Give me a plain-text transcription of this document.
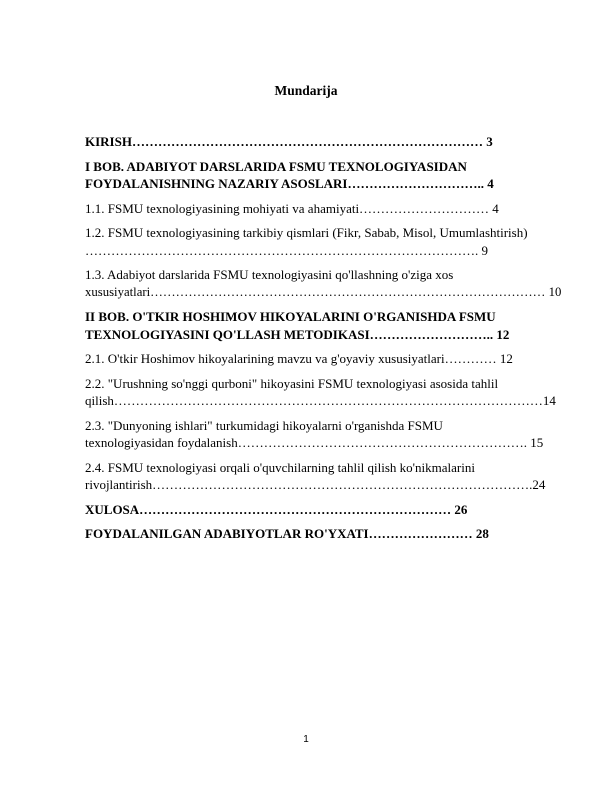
Mundarija
KIRISH……………………………………………………………………… 3
I BOB. ADABIYOT DARSLARIDA FSMU TEXNOLOGIYASIDAN
FOYDALANISHNING NAZARIY ASOSLARI………………………….. 4
1.1. FSMU texnologiyasining mohiyati va ahamiyati………………………… 4
1.2. FSMU texnologiyasining tarkibiy qismlari (Fikr, Sabab, Misol, Umumlashtirish)
………………………………………………………………………………. 9
1.3. Adabiyot darslarida FSMU texnologiyasini qo'llashning o'ziga xos
xususiyatlari………………………………………………………………………………… 10
II BOB. O'TKIR HOSHIMOV HIKOYALARINI O'RGANISHDA FSMU
TEXNOLOGIYASINI QO'LLASH METODIKASI……………………….. 12
2.1. O'tkir Hoshimov hikoyalarining mavzu va g'oyaviy xususiyatlari………… 12
2.2. "Urushning so'nggi qurboni" hikoyasini FSMU texnologiyasi asosida tahlil
qilish………………………………………………………………………………………14
2.3. "Dunyoning ishlari" turkumidagi hikoyalarni o'rganishda FSMU
texnologiyasidan foydalanish…………………………………………………………. 15
2.4. FSMU texnologiyasi orqali o'quvchilarning tahlil qilish ko'nikmalarini
rivojlantirish…………………………………………………………………………….24
XULOSA……………………………………………………………… 26
FOYDALANILGAN ADABIYOTLAR RO'YXATI…………………… 28
1
